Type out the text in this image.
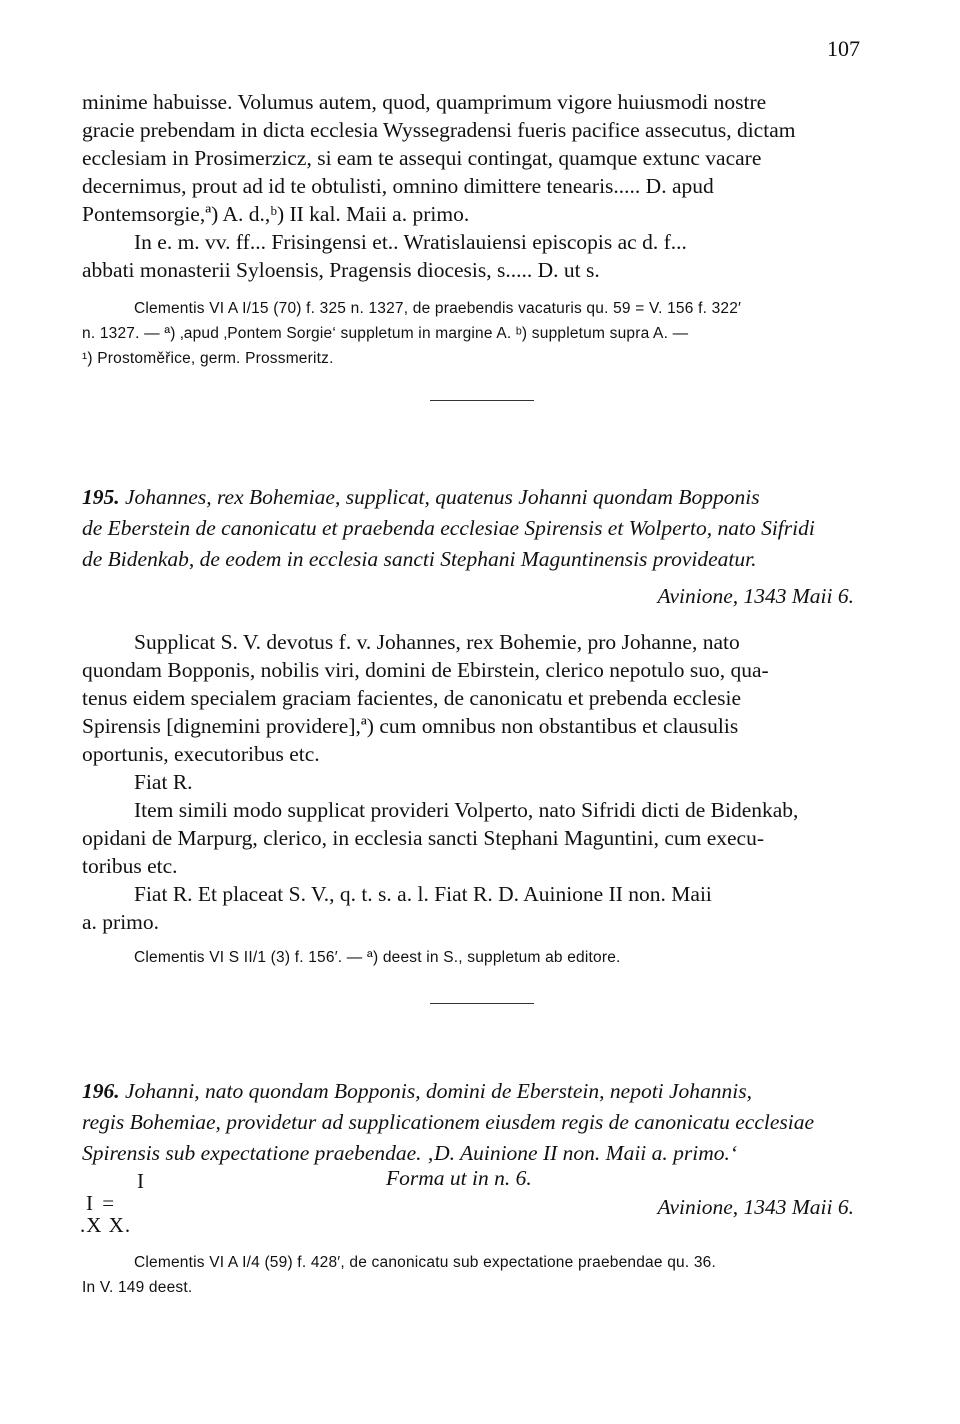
107

minime habuisse. Volumus autem, quod, quamprimum vigore huiusmodi nostre

gracie prebendam in dicta ecclesia Wyssegradensi fueris pacifice assecutus, dictam

ecclesiam in Prosimerzicz, si eam te assequi contingat, quamque extunc vacare

decernimus, prout ad id te obtulisti, omnino dimittere tenearis..... D. apud

Pontemsorgie,ª) A. d.,ᵇ) II kal. Maii a. primo.

In e. m. vv. ff... Frisingensi et.. Wratislauiensi episcopis ac d. f...

abbati monasterii Syloensis, Pragensis diocesis, s..... D. ut s.

Clementis VI A I/15 (70) f. 325 n. 1327, de praebendis vacaturis qu. 59 = V. 156 f. 322′

n. 1327. — ª) ‚apud ‚Pontem Sorgie‘ suppletum in margine A. ᵇ) suppletum supra A. —

¹) Prostoměřice, germ. Prossmeritz.

195. Johannes, rex Bohemiae, supplicat, quatenus Johanni quondam Bopponis

de Eberstein de canonicatu et praebenda ecclesiae Spirensis et Wolperto, nato Sifridi

de Bidenkab, de eodem in ecclesia sancti Stephani Maguntinensis provideatur.

Avinione, 1343 Maii 6.

Supplicat S. V. devotus f. v. Johannes, rex Bohemie, pro Johanne, nato

quondam Bopponis, nobilis viri, domini de Ebirstein, clerico nepotulo suo, qua-

tenus eidem specialem graciam facientes, de canonicatu et prebenda ecclesie

Spirensis [dignemini providere],ª) cum omnibus non obstantibus et clausulis

oportunis, executoribus etc.

Fiat R.

Item simili modo supplicat provideri Volperto, nato Sifridi dicti de Bidenkab,

opidani de Marpurg, clerico, in ecclesia sancti Stephani Maguntini, cum execu-

toribus etc.

Fiat R. Et placeat S. V., q. t. s. a. l. Fiat R. D. Auinione II non. Maii

a. primo.

Clementis VI S II/1 (3) f. 156′. — ª) deest in S., suppletum ab editore.

196. Johanni, nato quondam Bopponis, domini de Eberstein, nepoti Johannis,

regis Bohemiae, providetur ad supplicationem eiusdem regis de canonicatu ecclesiae

Spirensis sub expectatione praebendae. ‚D. Auinione II non. Maii a. primo.‘

Forma ut in n. 6.
I
I =
.X X.
Avinione, 1343 Maii 6.

Clementis VI A I/4 (59) f. 428′, de canonicatu sub expectatione praebendae qu. 36.

In V. 149 deest.
